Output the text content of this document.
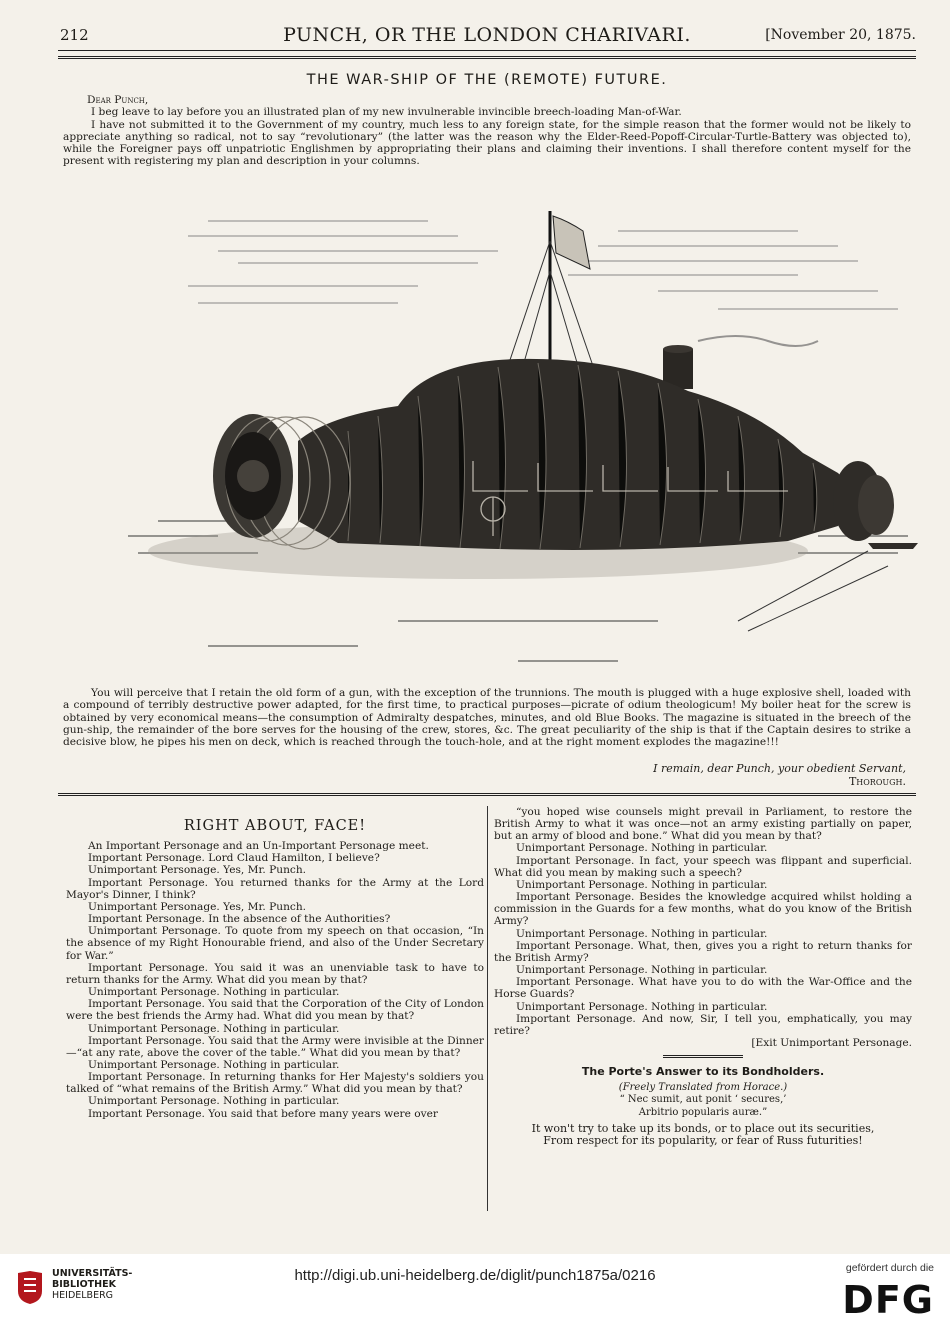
212	PUNCH, OR THE LONDON CHARIVARI.	[November 20, 1875.
THE WAR-SHIP OF THE (REMOTE) FUTURE.

Dear Punch,

I beg leave to lay before you an illustrated plan of my new invulnerable invincible breech-loading Man-of-War.

I have not submitted it to the Government of my country, much less to any foreign state, for the simple reason that the former would not be likely to appreciate anything so radical, not to say “revolutionary” (the latter was the reason why the Elder-Reed-Popoff-Circular-Turtle-Battery was objected to), while the Foreigner pays off unpatriotic Englishmen by appropriating their plans and claiming their inventions. I shall therefore content myself for the present with registering my plan and description in your columns.

You will perceive that I retain the old form of a gun, with the exception of the trunnions. The mouth is plugged with a huge explosive shell, loaded with a compound of terribly destructive power adapted, for the first time, to practical purposes—picrate of odium theologicum! My boiler heat for the screw is obtained by very economical means—the consumption of Admiralty despatches, minutes, and old Blue Books. The magazine is situated in the breech of the gun-ship, the remainder of the bore serves for the housing of the crew, stores, &c. The great peculiarity of the ship is that if the Captain desires to strike a decisive blow, he pipes his men on deck, which is reached through the touch-hole, and at the right moment explodes the magazine!!!

I remain, dear Punch, your obedient Servant,
Thorough.
RIGHT ABOUT, FACE!

An Important Personage and an Un-Important Personage meet.

Important Personage. Lord Claud Hamilton, I believe?

Unimportant Personage. Yes, Mr. Punch.

Important Personage. You returned thanks for the Army at the Lord Mayor's Dinner, I think?

Unimportant Personage. Yes, Mr. Punch.

Important Personage. In the absence of the Authorities?

Unimportant Personage. To quote from my speech on that occasion, “In the absence of my Right Honourable friend, and also of the Under Secretary for War.”

Important Personage. You said it was an unenviable task to have to return thanks for the Army. What did you mean by that?

Unimportant Personage. Nothing in particular.

Important Personage. You said that the Corporation of the City of London were the best friends the Army had. What did you mean by that?

Unimportant Personage. Nothing in particular.

Important Personage. You said that the Army were invisible at the Dinner—“at any rate, above the cover of the table.” What did you mean by that?

Unimportant Personage. Nothing in particular.

Important Personage. In returning thanks for Her Majesty's soldiers you talked of “what remains of the British Army.” What did you mean by that?

Unimportant Personage. Nothing in particular.

Important Personage. You said that before many years were over

“you hoped wise counsels might prevail in Parliament, to restore the British Army to what it was once—not an army existing partially on paper, but an army of blood and bone.” What did you mean by that?

Unimportant Personage. Nothing in particular.

Important Personage. In fact, your speech was flippant and superficial. What did you mean by making such a speech?

Unimportant Personage. Nothing in particular.

Important Personage. Besides the knowledge acquired whilst holding a commission in the Guards for a few months, what do you know of the British Army?

Unimportant Personage. Nothing in particular.

Important Personage. What, then, gives you a right to return thanks for the British Army?

Unimportant Personage. Nothing in particular.

Important Personage. What have you to do with the War-Office and the Horse Guards?

Unimportant Personage. Nothing in particular.

Important Personage. And now, Sir, I tell you, emphatically, you may retire?

[Exit Unimportant Personage.

The Porte's Answer to its Bondholders.
(Freely Translated from Horace.)
“ Nec sumit, aut ponit ‘ secures,’
Arbitrio popularis auræ.”
It won't try to take up its bonds, or to place out its securities,
From respect for its popularity, or fear of Russ futurities!
UNIVERSITÄTS-
BIBLIOTHEK
HEIDELBERG
http://digi.ub.uni-heidelberg.de/diglit/punch1875a/0216	gefördert durch die
DFG
